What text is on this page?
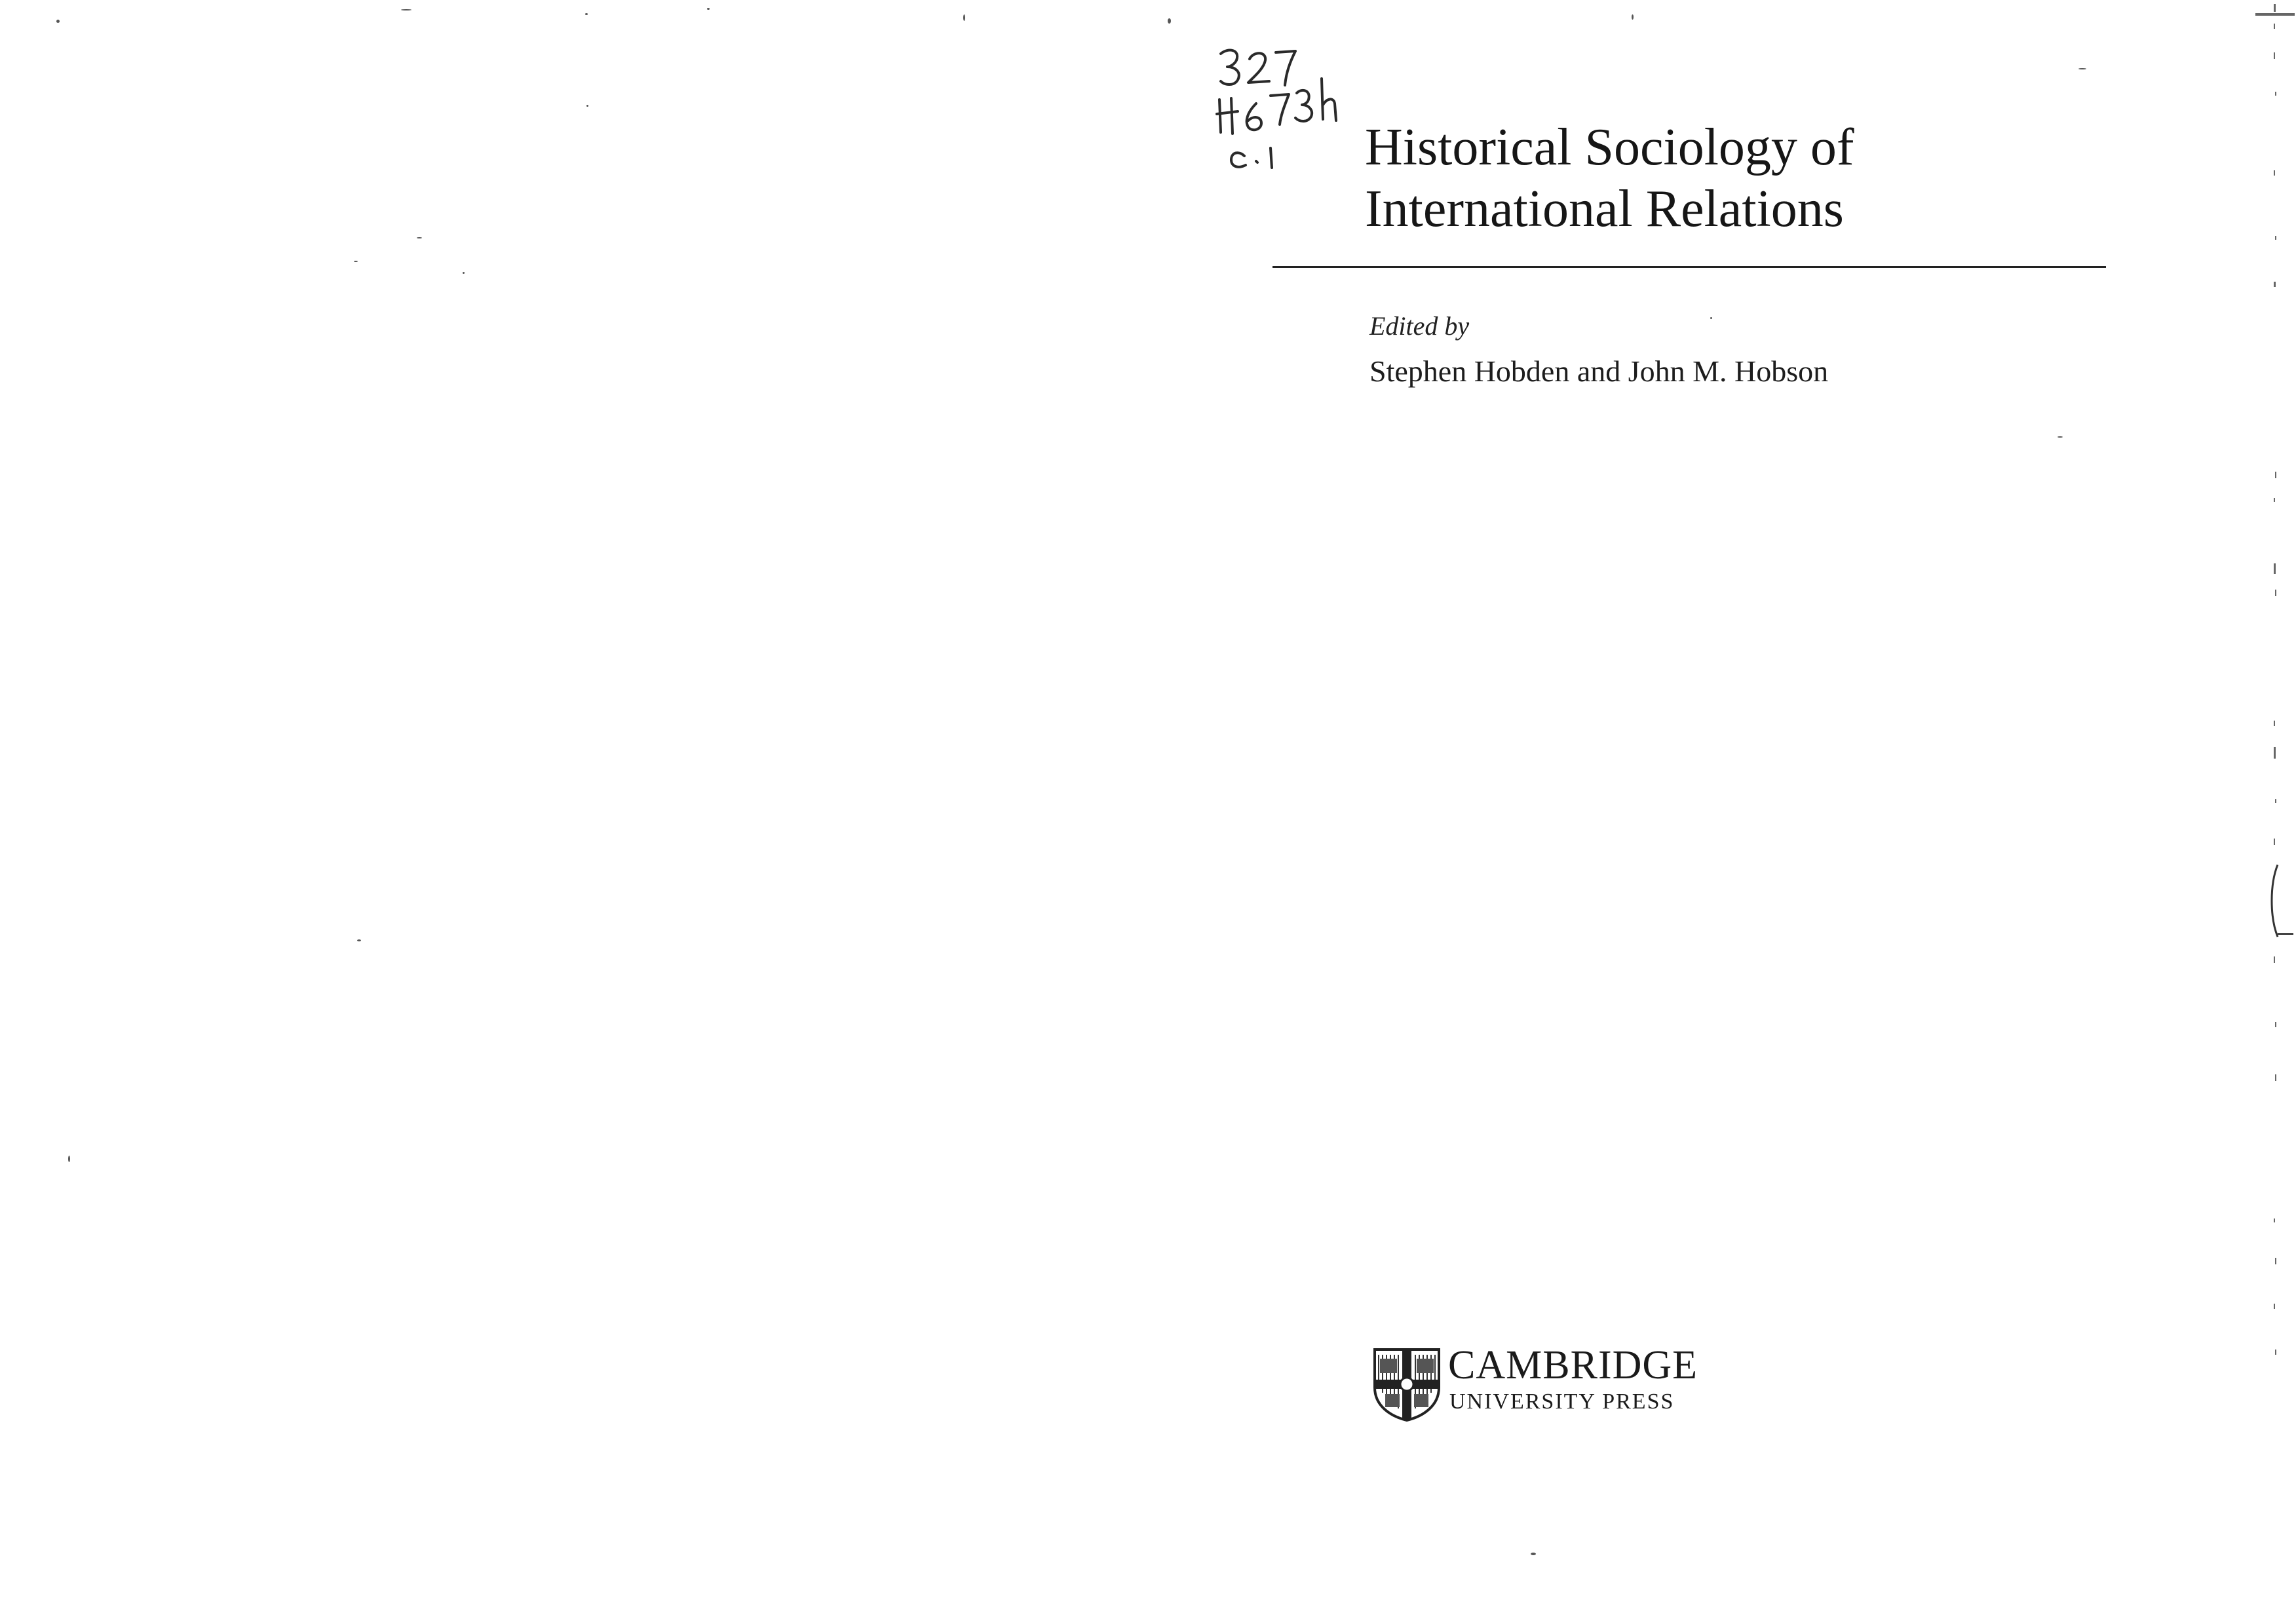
Historical Sociology of
International Relations
Edited by
Stephen Hobden and John M. Hobson
CAMBRIDGE
UNIVERSITY PRESS
